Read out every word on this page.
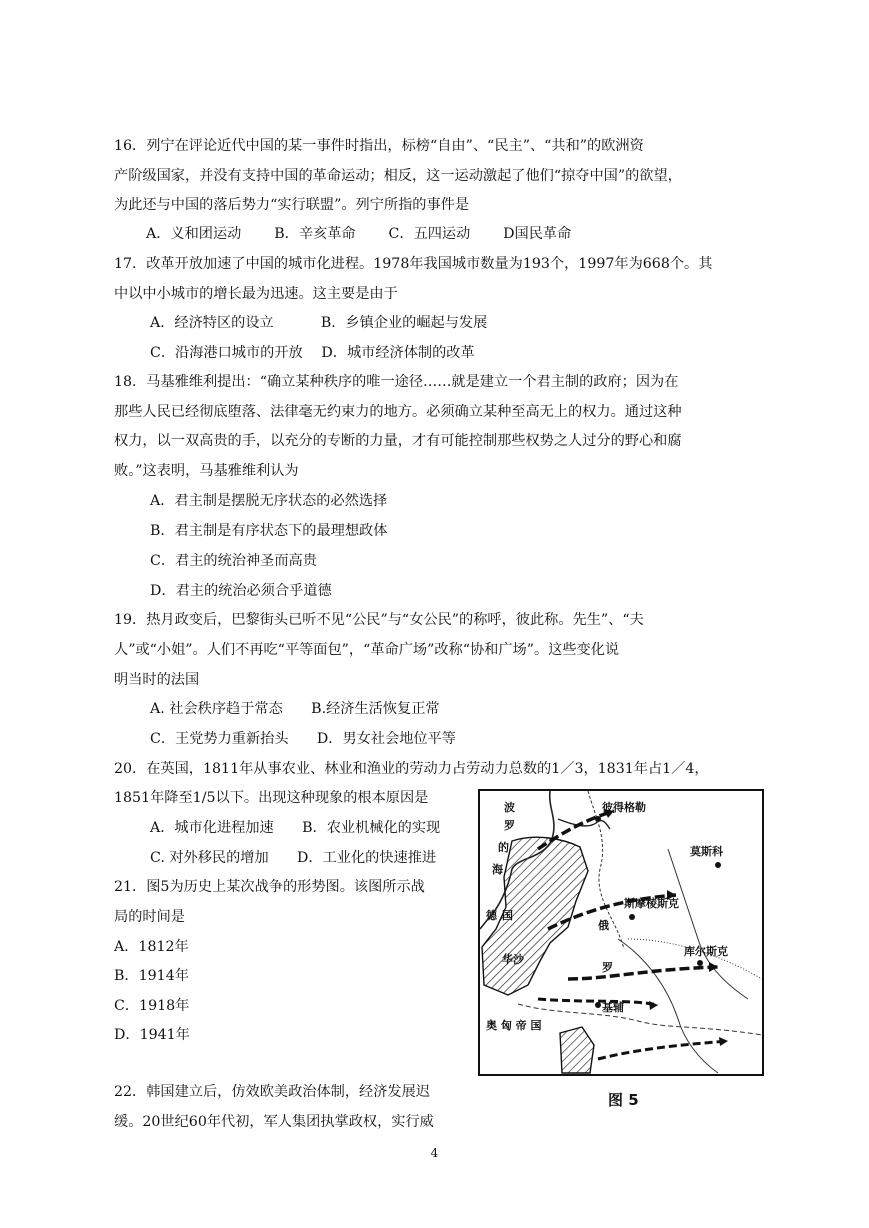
16．列宁在评论近代中国的某一事件时指出，标榜“自由”、“民主”、“共和”的欧洲资
产阶级国家，并没有支持中国的革命运动；相反，这一运动激起了他们“掠夺中国”的欲望，
为此还与中国的落后势力“实行联盟”。列宁所指的事件是
A．义和团运动　　 B．辛亥革命　　 C．五四运动　　 D国民革命
17．改革开放加速了中国的城市化进程。1978年我国城市数量为193个，1997年为668个。其
中以中小城市的增长最为迅速。这主要是由于
A．经济特区的设立　　　 B．乡镇企业的崛起与发展
C．沿海港口城市的开放　 D．城市经济体制的改革
18．马基雅维利提出：“确立某种秩序的唯一途径……就是建立一个君主制的政府；因为在
那些人民已经彻底堕落、法律毫无约束力的地方。必须确立某种至高无上的权力。通过这种
权力，以一双高贵的手，以充分的专断的力量，才有可能控制那些权势之人过分的野心和腐
败。”这表明，马基雅维利认为
A．君主制是摆脱无序状态的必然选择
B．君主制是有序状态下的最理想政体
C．君主的统治神圣而高贵
D．君主的统治必须合乎道德
19．热月政变后，巴黎街头已听不见“公民”与“女公民”的称呼，彼此称。先生”、“夫
人”或“小姐”。人们不再吃“平等面包”，“革命广场”改称“协和广场”。这些变化说
明当时的法国
A. 社会秩序趋于常态　　B.经济生活恢复正常
C．王党势力重新抬头　　D．男女社会地位平等
20．在英国，1811年从事农业、林业和渔业的劳动力占劳动力总数的1／3，1831年占1／4，
1851年降至1/5以下。出现这种现象的根本原因是
A．城市化进程加速　　B．农业机械化的实现
C. 对外移民的增加　　D．工业化的快速推进
21．图5为历史上某次战争的形势图。该图所示战
局的时间是
A．1812年
B．1914年
C．1918年
D．1941年
22．韩国建立后，仿效欧美政治体制，经济发展迟
缓。20世纪60年代初，军人集团执掌政权，实行威
彼得格勒
莫斯科
斯摩棱斯克
库尔斯克
基辅
波
罗
的
海
德 国
华沙
俄
罗
奥 匈 帝 国
图 5
4
